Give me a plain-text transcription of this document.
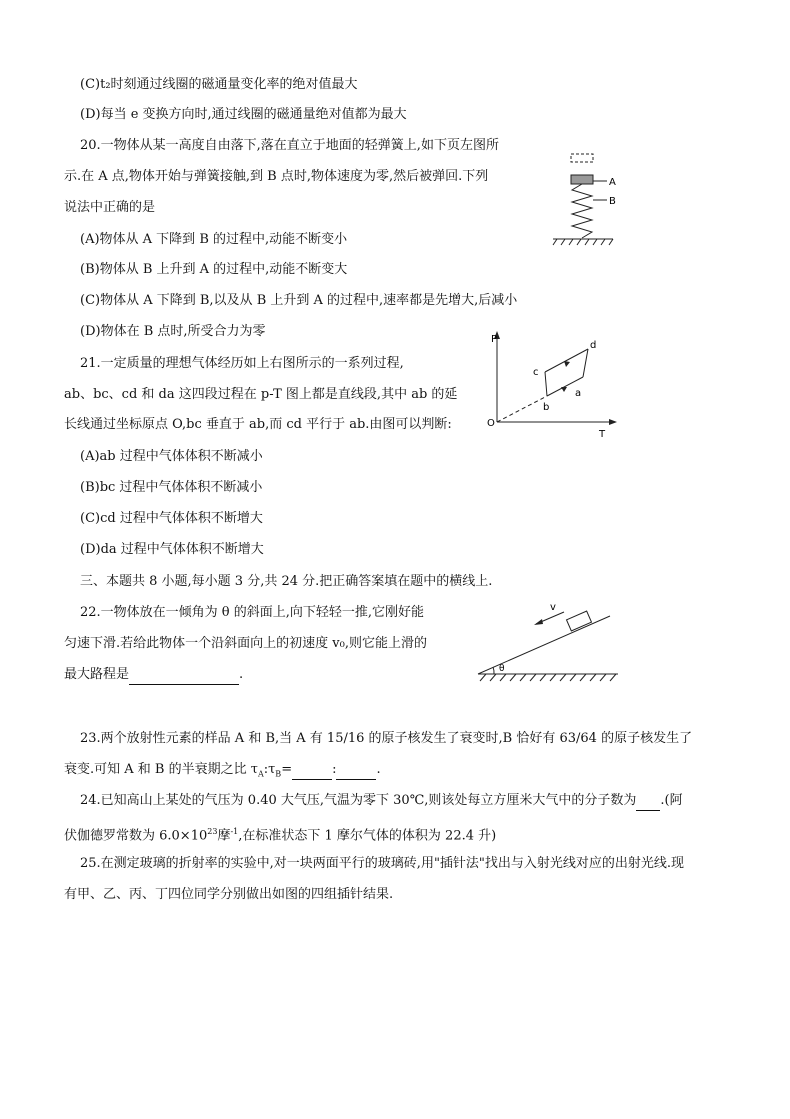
(C)t₂时刻通过线圈的磁通量变化率的绝对值最大
(D)每当 e 变换方向时,通过线圈的磁通量绝对值都为最大
20.一物体从某一高度自由落下,落在直立于地面的轻弹簧上,如下页左图所
示.在 A 点,物体开始与弹簧接触,到 B 点时,物体速度为零,然后被弹回.下列
说法中正确的是
(A)物体从 A 下降到 B 的过程中,动能不断变小
(B)物体从 B 上升到 A 的过程中,动能不断变大
(C)物体从 A 下降到 B,以及从 B 上升到 A 的过程中,速率都是先增大,后减小
(D)物体在 B 点时,所受合力为零
A
B
21.一定质量的理想气体经历如上右图所示的一系列过程,
ab、bc、cd 和 da 这四段过程在 p-T 图上都是直线段,其中 ab 的延
长线通过坐标原点 O,bc 垂直于 ab,而 cd 平行于 ab.由图可以判断:
(A)ab 过程中气体体积不断减小
(B)bc 过程中气体体积不断减小
(C)cd 过程中气体体积不断增大
(D)da 过程中气体体积不断增大
P
T
O
d
c
b
a
三、本题共 8 小题,每小题 3 分,共 24 分.把正确答案填在题中的横线上.
22.一物体放在一倾角为 θ 的斜面上,向下轻轻一推,它刚好能
匀速下滑.若给此物体一个沿斜面向上的初速度 v₀,则它能上滑的
最大路程是	.	θ
v
23.两个放射性元素的样品 A 和 B,当 A 有 15/16 的原子核发生了衰变时,B 恰好有 63/64 的原子核发生了
衰变.可知 A 和 B 的半衰期之比 $\tau_A:\tau_B=$	:	.
24.已知高山上某处的气压为 0.40 大气压,气温为零下 30℃,则该处每立方厘米大气中的分子数为 .(阿
伏伽德罗常数为 $6.0\times 10^{23}$摩$^{-1}$,在标准状态下 1 摩尔气体的体积为 22.4 升)
25.在测定玻璃的折射率的实验中,对一块两面平行的玻璃砖,用"插针法"找出与入射光线对应的出射光线.现
有甲、乙、丙、丁四位同学分别做出如图的四组插针结果.
